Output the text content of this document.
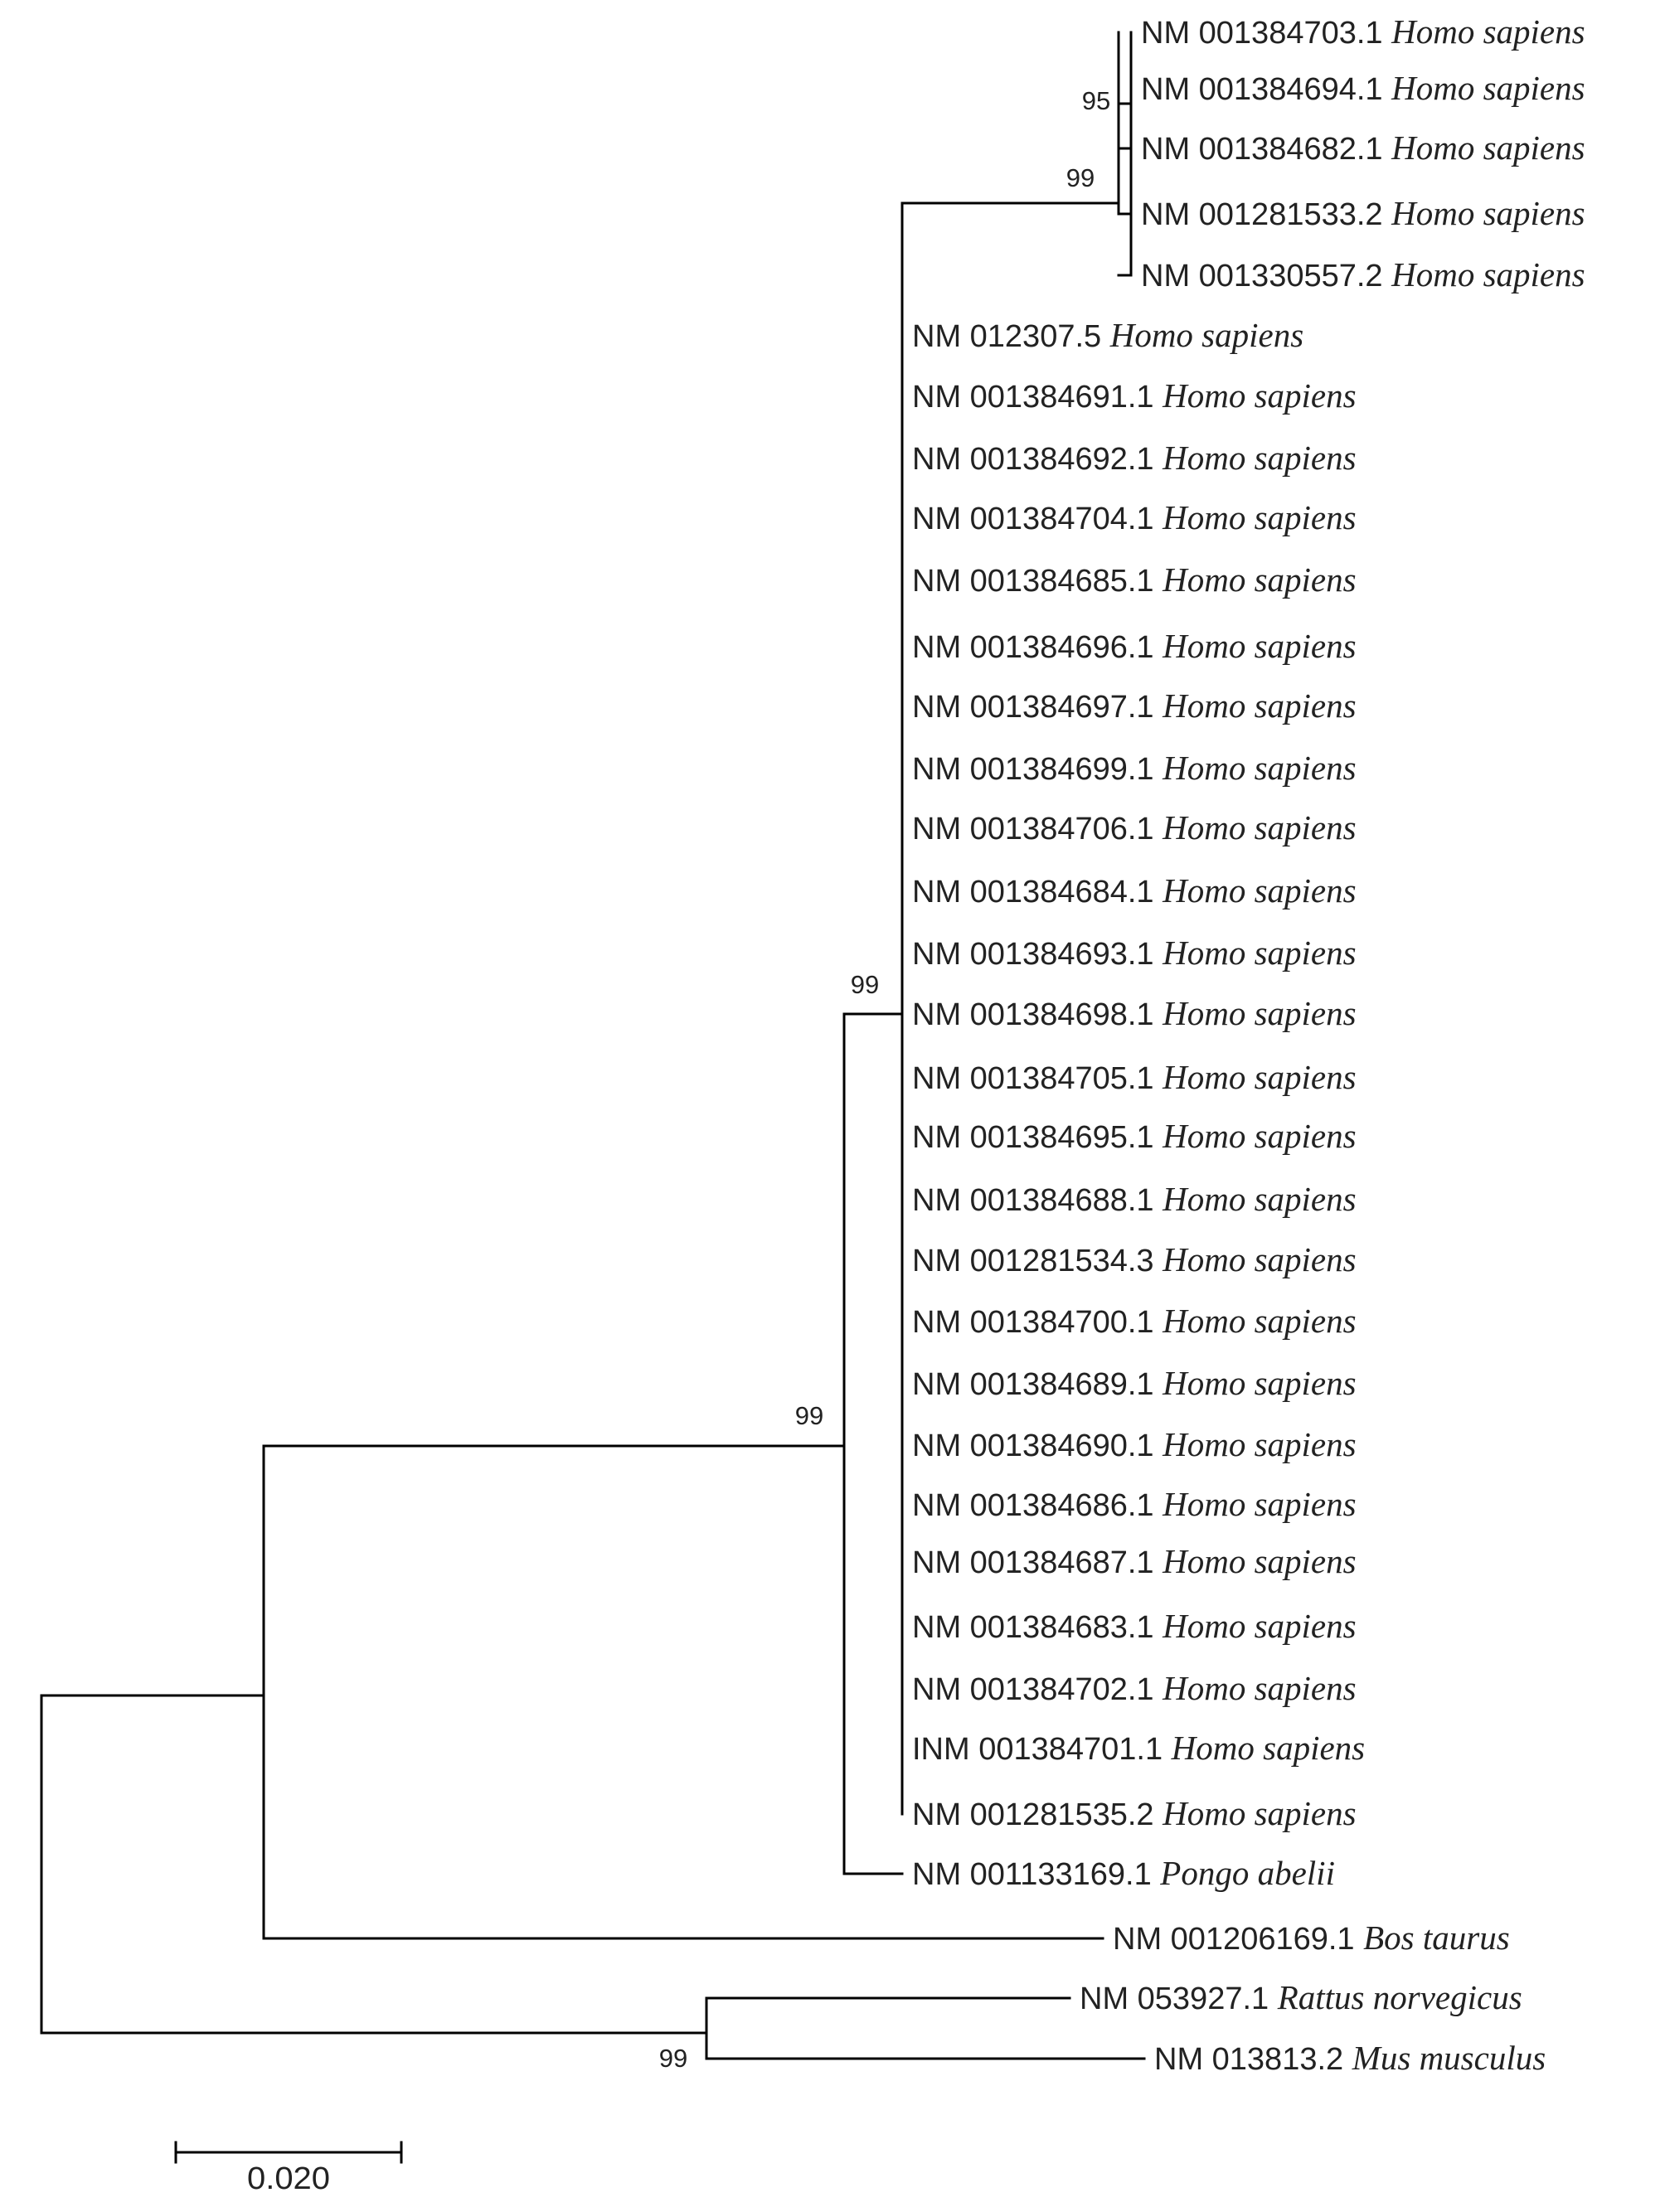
NM 001384703.1 Homo sapiens
NM 001384694.1 Homo sapiens
NM 001384682.1 Homo sapiens
NM 001281533.2 Homo sapiens
NM 001330557.2 Homo sapiens
NM 012307.5 Homo sapiens
NM 001384691.1 Homo sapiens
NM 001384692.1 Homo sapiens
NM 001384704.1 Homo sapiens
NM 001384685.1 Homo sapiens
NM 001384696.1 Homo sapiens
NM 001384697.1 Homo sapiens
NM 001384699.1 Homo sapiens
NM 001384706.1 Homo sapiens
NM 001384684.1 Homo sapiens
NM 001384693.1 Homo sapiens
NM 001384698.1 Homo sapiens
NM 001384705.1 Homo sapiens
NM 001384695.1 Homo sapiens
NM 001384688.1 Homo sapiens
NM 001281534.3 Homo sapiens
NM 001384700.1 Homo sapiens
NM 001384689.1 Homo sapiens
NM 001384690.1 Homo sapiens
NM 001384686.1 Homo sapiens
NM 001384687.1 Homo sapiens
NM 001384683.1 Homo sapiens
NM 001384702.1 Homo sapiens
INM 001384701.1 Homo sapiens
NM 001281535.2 Homo sapiens
NM 001133169.1 Pongo abelii
NM 001206169.1 Bos taurus
NM 053927.1 Rattus norvegicus
NM 013813.2 Mus musculus
95
99
99
99
99
0.020
